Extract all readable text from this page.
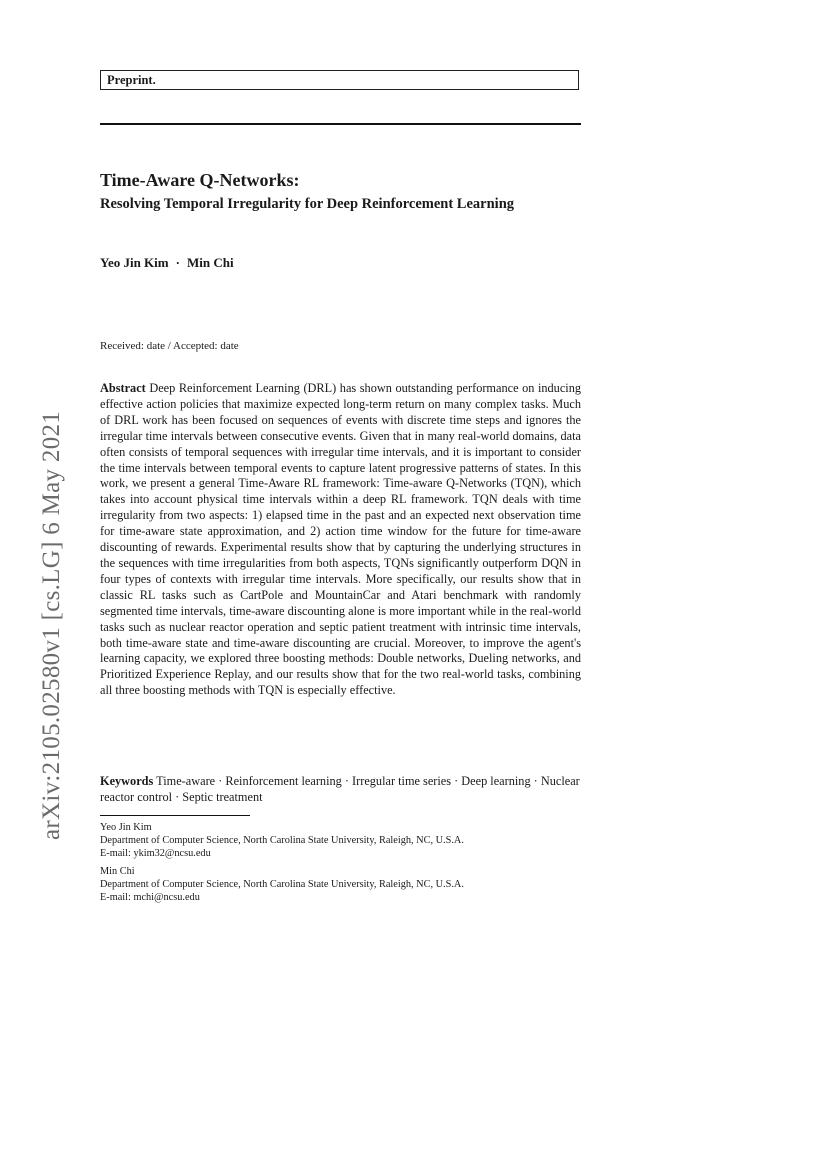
Preprint.
Time-Aware Q-Networks:
Resolving Temporal Irregularity for Deep Reinforcement Learning
Yeo Jin Kim · Min Chi
Received: date / Accepted: date
Abstract Deep Reinforcement Learning (DRL) has shown outstanding performance on inducing effective action policies that maximize expected long-term return on many complex tasks. Much of DRL work has been focused on sequences of events with discrete time steps and ignores the irregular time intervals between consecutive events. Given that in many real-world domains, data often consists of temporal sequences with irregular time intervals, and it is important to consider the time intervals between temporal events to capture latent progressive patterns of states. In this work, we present a general Time-Aware RL framework: Time-aware Q-Networks (TQN), which takes into account physical time intervals within a deep RL framework. TQN deals with time irregularity from two aspects: 1) elapsed time in the past and an expected next observation time for time-aware state approximation, and 2) action time window for the future for time-aware discounting of rewards. Experimental results show that by capturing the underlying structures in the sequences with time irregularities from both aspects, TQNs significantly outperform DQN in four types of contexts with irregular time intervals. More specifically, our results show that in classic RL tasks such as CartPole and MountainCar and Atari benchmark with randomly segmented time intervals, time-aware discounting alone is more important while in the real-world tasks such as nuclear reactor operation and septic patient treatment with intrinsic time intervals, both time-aware state and time-aware discounting are crucial. Moreover, to improve the agent's learning capacity, we explored three boosting methods: Double networks, Dueling networks, and Prioritized Experience Replay, and our results show that for the two real-world tasks, combining all three boosting methods with TQN is especially effective.
Keywords Time-aware · Reinforcement learning · Irregular time series · Deep learning · Nuclear reactor control · Septic treatment
Yeo Jin Kim
Department of Computer Science, North Carolina State University, Raleigh, NC, U.S.A.
E-mail: ykim32@ncsu.edu
Min Chi
Department of Computer Science, North Carolina State University, Raleigh, NC, U.S.A.
E-mail: mchi@ncsu.edu
arXiv:2105.02580v1 [cs.LG] 6 May 2021
